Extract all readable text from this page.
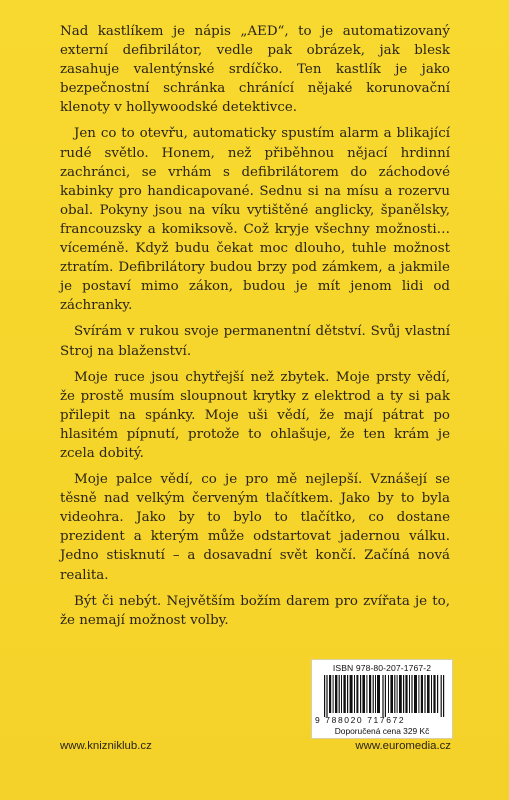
Nad kastlíkem je nápis „AED“, to je automatizovaný externí defibrilátor, vedle pak obrázek, jak blesk zasahuje valentýnské srdíčko. Ten kastlík je jako bezpečnostní schránka chránící nějaké korunovační klenoty v hollywoodské detektivce.

Jen co to otevřu, automaticky spustím alarm a blikající rudé světlo. Honem, než přiběhnou nějací hrdinní zachránci, se vrhám s defibrilátorem do záchodové kabinky pro handicapované. Sednu si na mísu a rozervu obal. Pokyny jsou na víku vytištěné anglicky, španělsky, francouzsky a komiksově. Což kryje všechny možnosti… víceméně. Když budu čekat moc dlouho, tuhle možnost ztratím. Defibrilátory budou brzy pod zámkem, a jakmile je postaví mimo zákon, budou je mít jenom lidi od záchranky.

Svírám v rukou svoje permanentní dětství. Svůj vlastní Stroj na blaženství.

Moje ruce jsou chytřejší než zbytek. Moje prsty vědí, že prostě musím sloupnout krytky z elektrod a ty si pak přilepit na spánky. Moje uši vědí, že mají pátrat po hlasitém pípnutí, protože to ohlašuje, že ten krám je zcela dobitý.

Moje palce vědí, co je pro mě nejlepší. Vznášejí se těsně nad velkým červeným tlačítkem. Jako by to byla videohra. Jako by to bylo to tlačítko, co dostane prezident a kterým může odstartovat jadernou válku. Jedno stisknutí – a dosavadní svět končí. Začíná nová realita.

Být či nebýt. Největším božím darem pro zvířata je to, že nemají možnost volby.

ISBN 978-80-207-1767-2
9 788020 717672
Doporučená cena 329 Kč
www.knizniklub.cz	www.euromedia.cz
